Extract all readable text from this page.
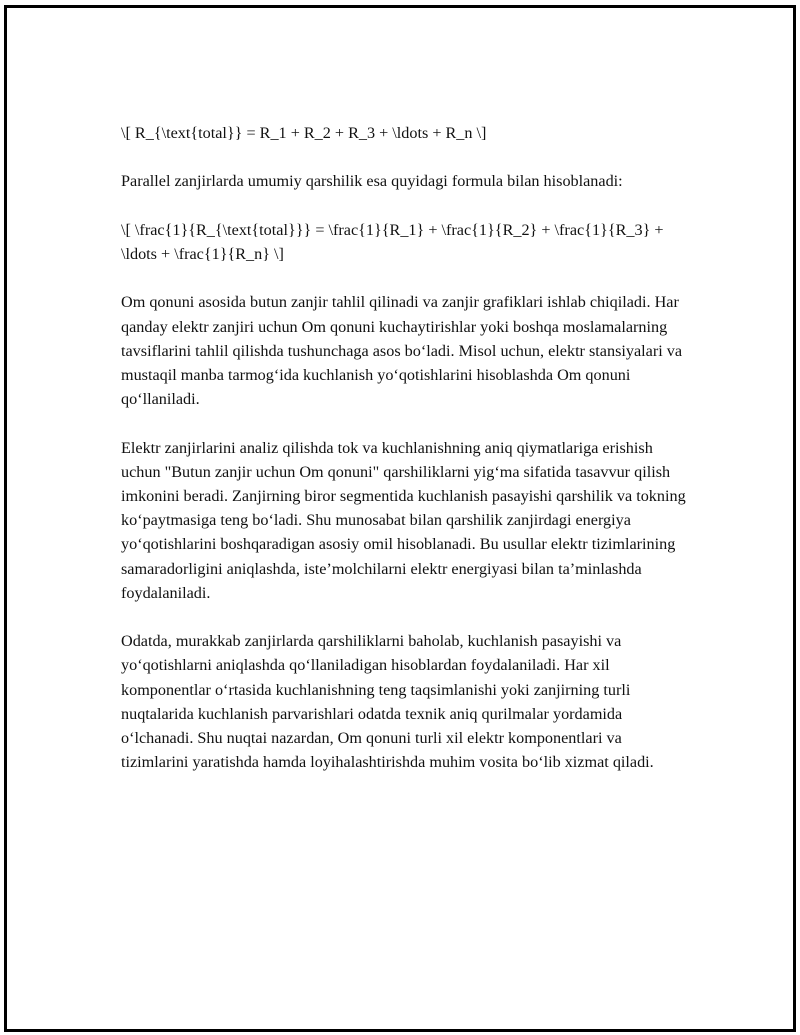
\[ R_{\text{total}} = R_1 + R_2 + R_3 + \ldots + R_n \]

Parallel zanjirlarda umumiy qarshilik esa quyidagi formula bilan hisoblanadi:

\[ \frac{1}{R_{\text{total}}} = \frac{1}{R_1} + \frac{1}{R_2} + \frac{1}{R_3} + \ldots + \frac{1}{R_n} \]

Om qonuni asosida butun zanjir tahlil qilinadi va zanjir grafiklari ishlab chiqiladi. Har qanday elektr zanjiri uchun Om qonuni kuchaytirishlar yoki boshqa moslamalarning tavsiflarini tahlil qilishda tushunchaga asos bo‘ladi. Misol uchun, elektr stansiyalari va mustaqil manba tarmog‘ida kuchlanish yo‘qotishlarini hisoblashda Om qonuni qo‘llaniladi.

Elektr zanjirlarini analiz qilishda tok va kuchlanishning aniq qiymatlariga erishish uchun "Butun zanjir uchun Om qonuni" qarshiliklarni yig‘ma sifatida tasavvur qilish imkonini beradi. Zanjirning biror segmentida kuchlanish pasayishi qarshilik va tokning ko‘paytmasiga teng bo‘ladi. Shu munosabat bilan qarshilik zanjirdagi energiya yo‘qotishlarini boshqaradigan asosiy omil hisoblanadi. Bu usullar elektr tizimlarining samaradorligini aniqlashda, iste’molchilarni elektr energiyasi bilan ta’minlashda foydalaniladi.

Odatda, murakkab zanjirlarda qarshiliklarni baholab, kuchlanish pasayishi va yo‘qotishlarni aniqlashda qo‘llaniladigan hisoblardan foydalaniladi. Har xil komponentlar o‘rtasida kuchlanishning teng taqsimlanishi yoki zanjirning turli nuqtalarida kuchlanish parvarishlari odatda texnik aniq qurilmalar yordamida o‘lchanadi. Shu nuqtai nazardan, Om qonuni turli xil elektr komponentlari va tizimlarini yaratishda hamda loyihalashtirishda muhim vosita bo‘lib xizmat qiladi.
